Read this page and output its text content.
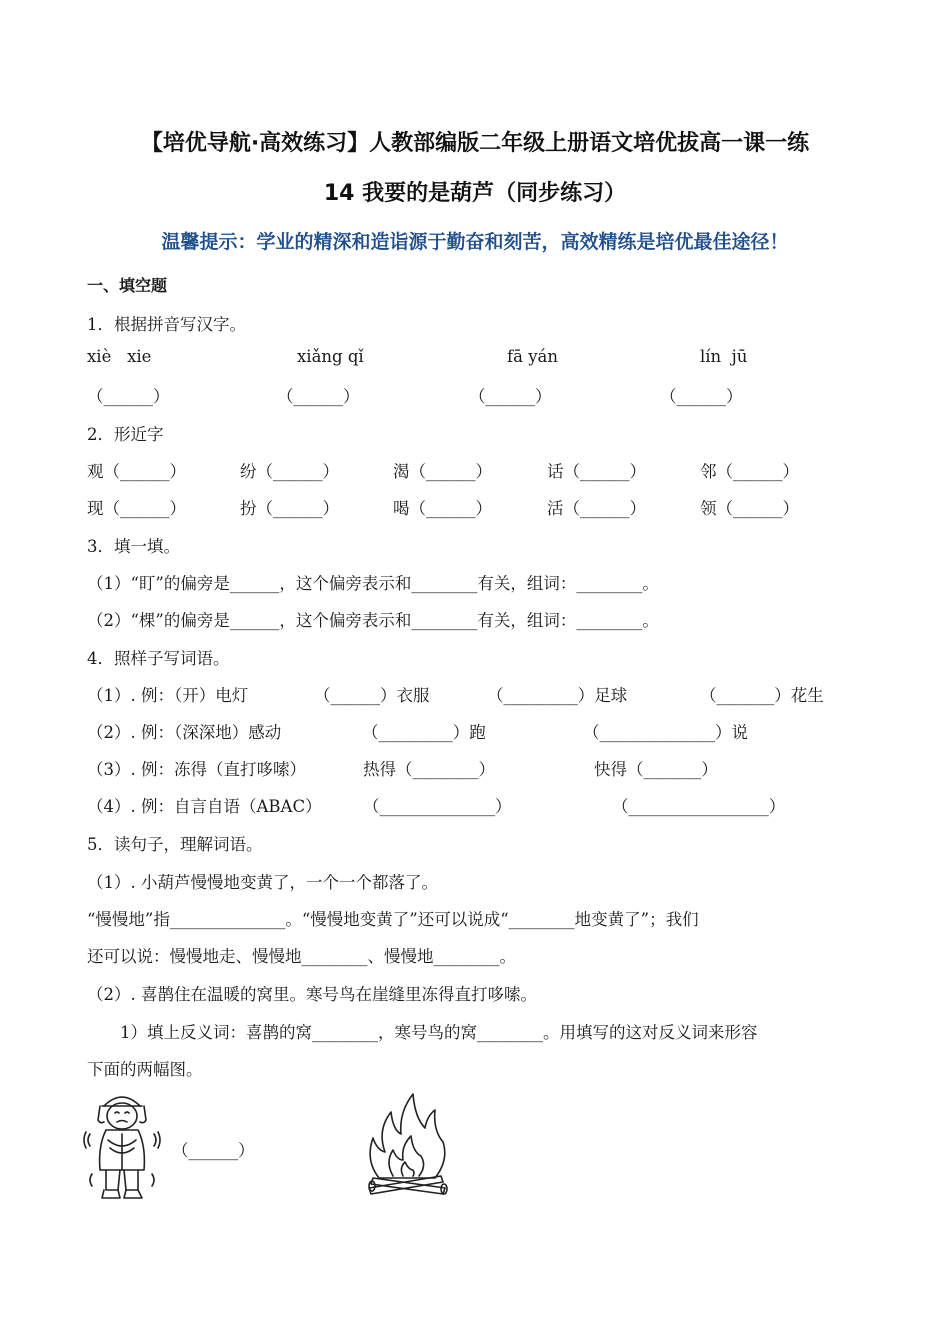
【培优导航·高效练习】人教部编版二年级上册语文培优拔高一课一练
14 我要的是葫芦（同步练习）
温馨提示：学业的精深和造诣源于勤奋和刻苦，高效精练是培优最佳途径！
一、填空题
1．根据拼音写汉字。
xiè   xie	xiǎng qǐ	fā yán	lín  jū
（______）	（______）	（______）	（______）
2．形近字
观（______）	纷（______）	渴（______）	话（______）	邻（______）
现（______）	扮（______）	喝（______）	活（______）	领（______）
3．填一填。
（1）“盯”的偏旁是______，这个偏旁表示和________有关，组词：________。
（2）“棵”的偏旁是______，这个偏旁表示和________有关，组词：________。
4．照样子写词语。
（1）. 例：（开）电灯	（______）衣服	（_________）足球	（_______）花生
（2）. 例：（深深地）感动	（_________）跑	（______________）说
（3）. 例：冻得（直打哆嗦）	热得（________）	快得（_______）
（4）. 例：自言自语（ABAC）	（______________）	（_________________）
5．读句子，理解词语。
（1）. 小葫芦慢慢地变黄了，一个一个都落了。
“慢慢地”指______________。“慢慢地变黄了”还可以说成“________地变黄了”；我们
还可以说：慢慢地走、慢慢地________、慢慢地________。
（2）. 喜鹊住在温暖的窝里。寒号鸟在崖缝里冻得直打哆嗦。
1）填上反义词：喜鹊的窝________，寒号鸟的窝________。用填写的这对反义词来形容
下面的两幅图。
（______）
